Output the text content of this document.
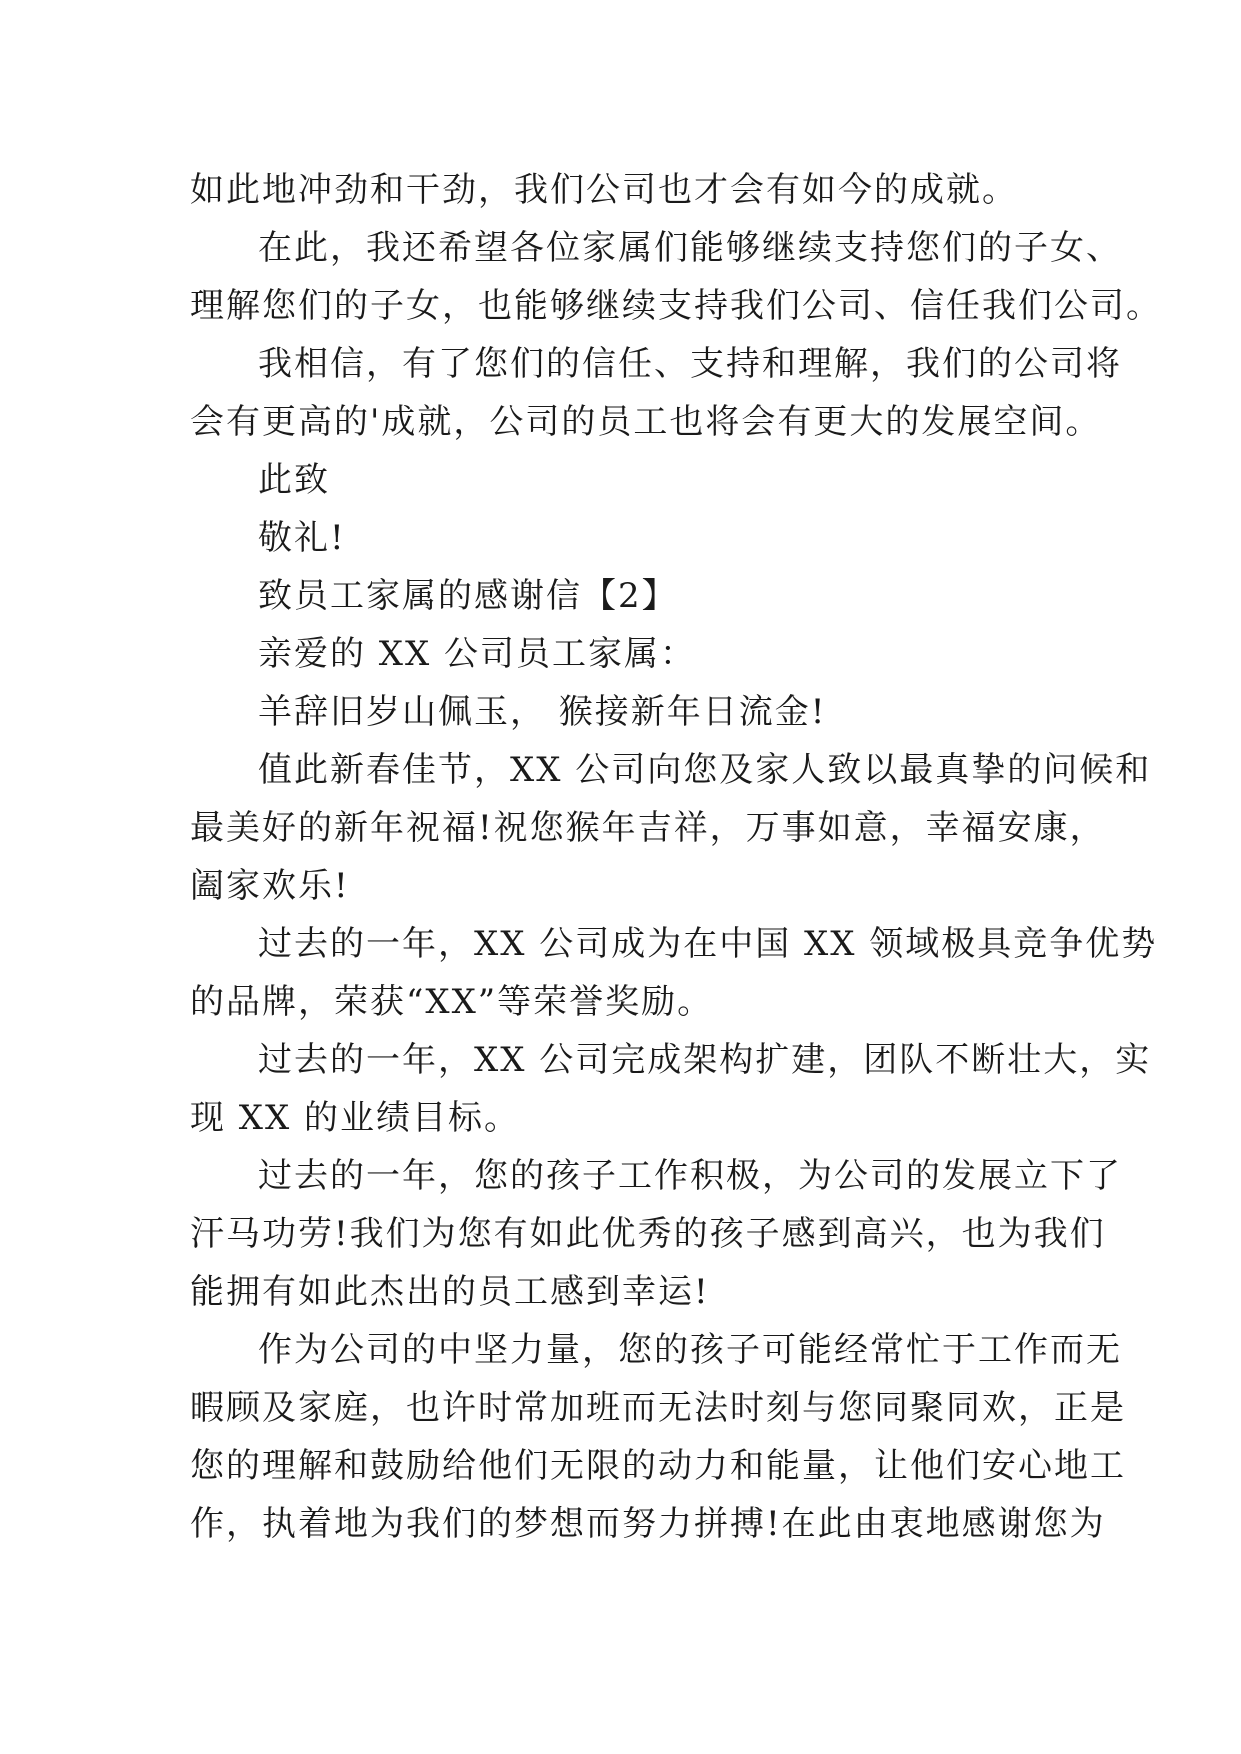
如此地冲劲和干劲，我们公司也才会有如今的成就。
在此，我还希望各位家属们能够继续支持您们的子女、
理解您们的子女，也能够继续支持我们公司、信任我们公司。
我相信，有了您们的信任、支持和理解，我们的公司将
会有更高的'成就，公司的员工也将会有更大的发展空间。
此致
敬礼!
致员工家属的感谢信【2】
亲爱的 XX 公司员工家属：
羊辞旧岁山佩玉， 猴接新年日流金!
值此新春佳节，XX 公司向您及家人致以最真挚的问候和
最美好的新年祝福!祝您猴年吉祥，万事如意，幸福安康，
阖家欢乐!
过去的一年，XX 公司成为在中国 XX 领域极具竞争优势
的品牌，荣获“XX”等荣誉奖励。
过去的一年，XX 公司完成架构扩建，团队不断壮大，实
现 XX 的业绩目标。
过去的一年，您的孩子工作积极，为公司的发展立下了
汗马功劳!我们为您有如此优秀的孩子感到高兴，也为我们
能拥有如此杰出的员工感到幸运!
作为公司的中坚力量，您的孩子可能经常忙于工作而无
暇顾及家庭，也许时常加班而无法时刻与您同聚同欢，正是
您的理解和鼓励给他们无限的动力和能量，让他们安心地工
作，执着地为我们的梦想而努力拼搏!在此由衷地感谢您为
